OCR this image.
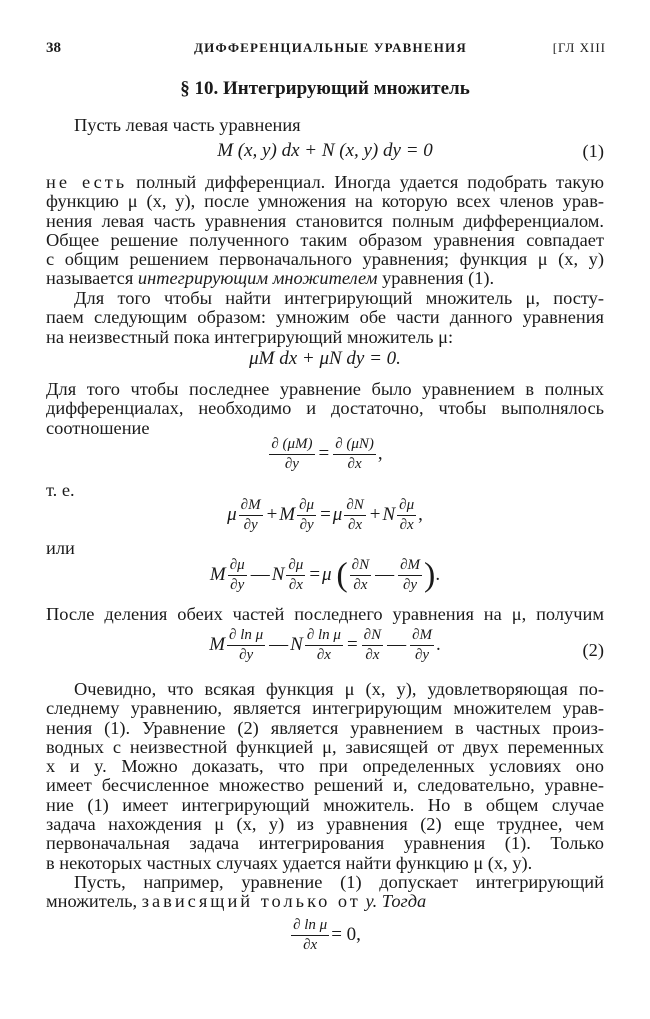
38	ДИФФЕРЕНЦИАЛЬНЫЕ УРАВНЕНИЯ	[ГЛ XIII
§ 10. Интегрирующий множитель
Пусть левая часть уравнения
M (x, y) dx + N (x, y) dy = 0	(1)
не есть полный дифференциал. Иногда удается подобрать такую
функцию μ (x, y), после умножения на которую всех членов урав-
нения левая часть уравнения становится полным дифференциалом.
Общее решение полученного таким образом уравнения совпадает
с общим решением первоначального уравнения; функция μ (x, y)
называется интегрирующим множителем уравнения (1).
Для того чтобы найти интегрирующий множитель μ, посту-
паем следующим образом: умножим обе части данного уравнения
на неизвестный пока интегрирующий множитель μ:
μM dx + μN dy = 0.
Для того чтобы последнее уравнение было уравнением в полных
дифференциалах, необходимо и достаточно, чтобы выполнялось
соотношение
$\frac{\partial (\mu M)}{\partial y} = \frac{\partial (\mu N)}{\partial x}$ ,
т. е.
μ $\frac{\partial M}{\partial y} + M \frac{\partial\mu}{\partial y} = \mu \frac{\partial N}{\partial x} + N \frac{\partial\mu}{\partial x}$ ,
или
M $\frac{\partial\mu}{\partial y}$ — N $\frac{\partial\mu}{\partial x} = \mu$ ( $\frac{\partial N}{\partial x}$ — $\frac{\partial M}{\partial y}$ ).
После деления обеих частей последнего уравнения на μ, получим
M $\frac{\text{∂ ln μ}}{\partial y}$ — N $\frac{\text{∂ ln μ}}{\partial x} = \frac{\partial N}{\partial x}$ — $\frac{\partial M}{\partial y}$ .	(2)
Очевидно, что всякая функция μ (x, y), удовлетворяющая по-
следнему уравнению, является интегрирующим множителем урав-
нения (1). Уравнение (2) является уравнением в частных произ-
водных с неизвестной функцией μ, зависящей от двух переменных
x и y. Можно доказать, что при определенных условиях оно
имеет бесчисленное множество решений и, следовательно, уравне-
ние (1) имеет интегрирующий множитель. Но в общем случае
задача нахождения μ (x, y) из уравнения (2) еще труднее, чем
первоначальная задача интегрирования уравнения (1). Только
в некоторых частных случаях удается найти функцию μ (x, y).
Пусть, например, уравнение (1) допускает интегрирующий
множитель, зависящий только от y. Тогда
$\frac{\text{∂ ln μ}}{\partial x} = 0$,
